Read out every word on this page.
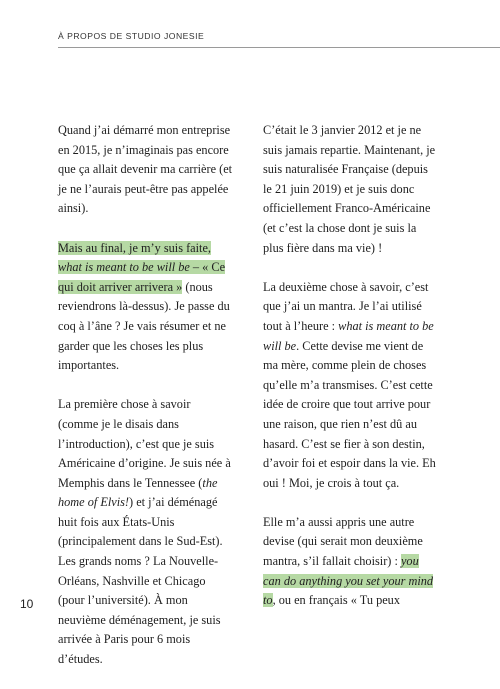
À PROPOS DE STUDIO JONESIE

Quand j’ai démarré mon entreprise en 2015, je n’imaginais pas encore que ça allait devenir ma carrière (et je ne l’aurais peut-être pas appelée ainsi).

Mais au final, je m’y suis faite, what is meant to be will be – « Ce qui doit arriver arrivera » (nous reviendrons là-dessus). Je passe du coq à l’âne ? Je vais résumer et ne garder que les choses les plus importantes.

La première chose à savoir (comme je le disais dans l’introduction), c’est que je suis Américaine d’origine. Je suis née à Memphis dans le Tennessee (the home of Elvis!) et j’ai déménagé huit fois aux États-Unis (principalement dans le Sud-Est). Les grands noms ? La Nouvelle-Orléans, Nashville et Chicago (pour l’université). À mon neuvième déménagement, je suis arrivée à Paris pour 6 mois d’études.

C’était le 3 janvier 2012 et je ne suis jamais repartie. Maintenant, je suis naturalisée Française (depuis le 21 juin 2019) et je suis donc officiellement Franco-Américaine (et c’est la chose dont je suis la plus fière dans ma vie) !

La deuxième chose à savoir, c’est que j’ai un mantra. Je l’ai utilisé tout à l’heure : what is meant to be will be. Cette devise me vient de ma mère, comme plein de choses qu’elle m’a transmises. C’est cette idée de croire que tout arrive pour une raison, que rien n’est dû au hasard. C’est se fier à son destin, d’avoir foi et espoir dans la vie. Eh oui ! Moi, je crois à tout ça.

Elle m’a aussi appris une autre devise (qui serait mon deuxième mantra, s’il fallait choisir) : you can do anything you set your mind to, ou en français « Tu peux

10
